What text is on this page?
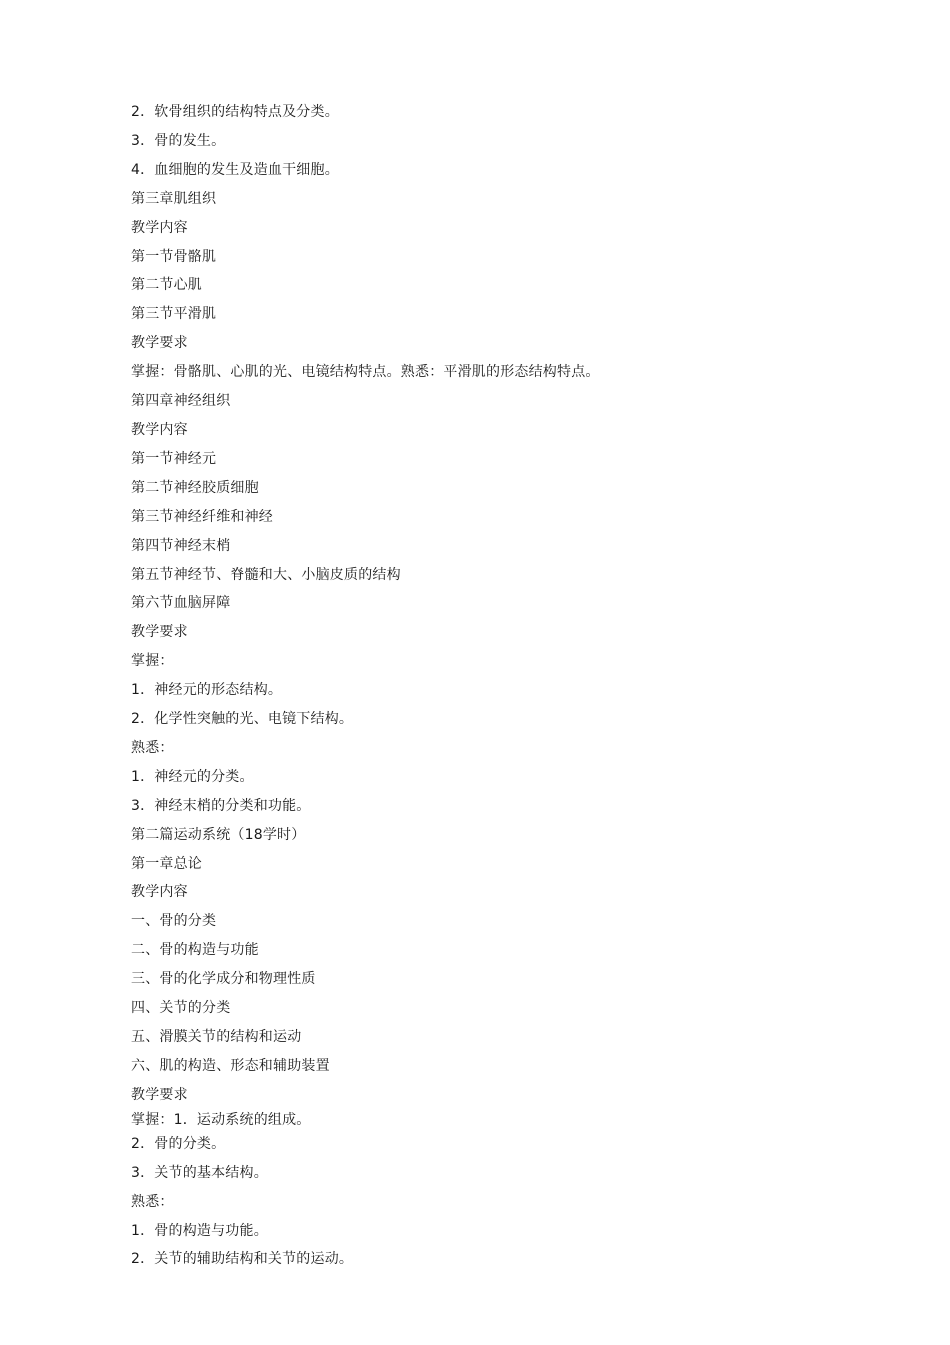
2．软骨组织的结构特点及分类。
3．骨的发生。
4．血细胞的发生及造血干细胞。
第三章肌组织
教学内容
第一节骨骼肌
第二节心肌
第三节平滑肌
教学要求
掌握：骨骼肌、心肌的光、电镜结构特点。熟悉：平滑肌的形态结构特点。
第四章神经组织
教学内容
第一节神经元
第二节神经胶质细胞
第三节神经纤维和神经
第四节神经末梢
第五节神经节、脊髓和大、小脑皮质的结构
第六节血脑屏障
教学要求
掌握：
1．神经元的形态结构。
2．化学性突触的光、电镜下结构。
熟悉：
1．神经元的分类。
3．神经末梢的分类和功能。
第二篇运动系统（18学时）
第一章总论
教学内容
一、骨的分类
二、骨的构造与功能
三、骨的化学成分和物理性质
四、关节的分类
五、滑膜关节的结构和运动
六、肌的构造、形态和辅助装置
教学要求
掌握：1．运动系统的组成。
2．骨的分类。
3．关节的基本结构。
熟悉：
1．骨的构造与功能。
2．关节的辅助结构和关节的运动。
